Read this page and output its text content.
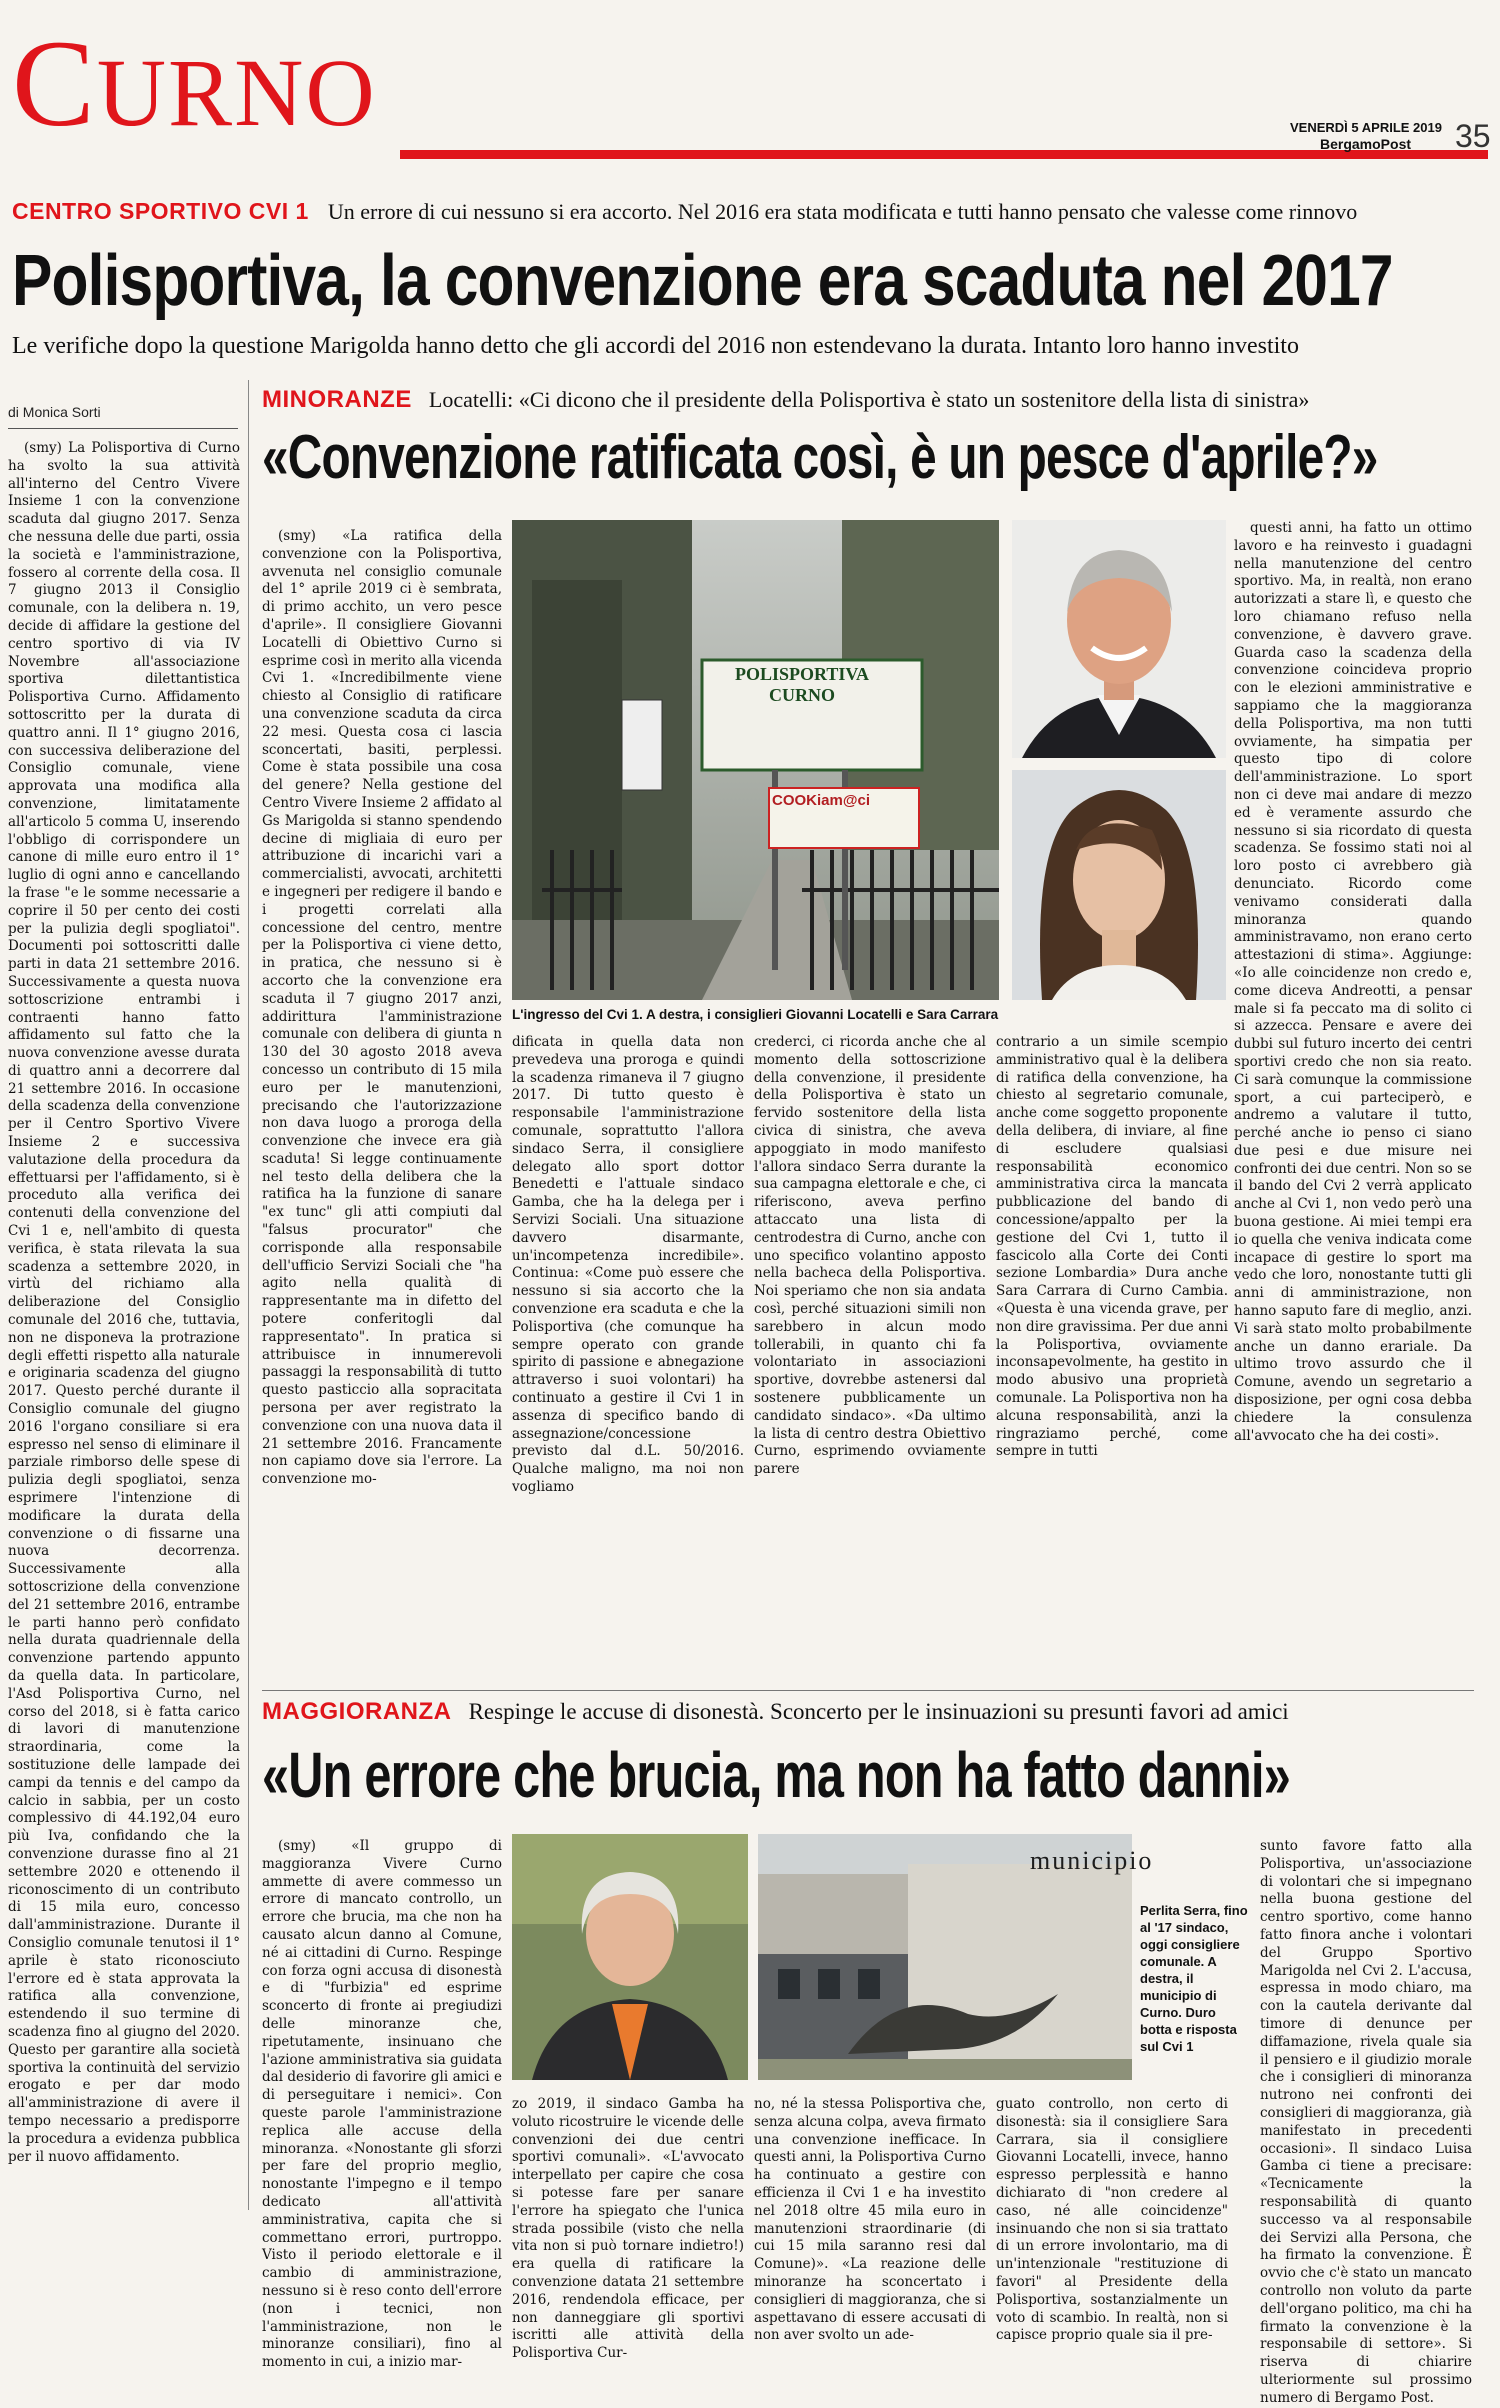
CURNO	VENERDÌ 5 APRILE 2019
BergamoPost 35
CENTRO SPORTIVO CVI 1 Un errore di cui nessuno si era accorto. Nel 2016 era stata modificata e tutti hanno pensato che valesse come rinnovo
Polisportiva, la convenzione era scaduta nel 2017
Le verifiche dopo la questione Marigolda hanno detto che gli accordi del 2016 non estendevano la durata. Intanto loro hanno investito
di Monica Sorti

(smy) La Polisportiva di Curno ha svolto la sua attività all'interno del Centro Vivere Insieme 1 con la convenzione scaduta dal giugno 2017. Senza che nessuna delle due parti, ossia la società e l'amministrazione, fossero al corrente della cosa. Il 7 giugno 2013 il Consiglio comunale, con la delibera n. 19, decide di affidare la gestione del centro sportivo di via IV Novembre all'associazione sportiva dilettantistica Polisportiva Curno. Affidamento sottoscritto per la durata di quattro anni. Il 1° giugno 2016, con successiva deliberazione del Consiglio comunale, viene approvata una modifica alla convenzione, limitatamente all'articolo 5 comma U, inserendo l'obbligo di corrispondere un canone di mille euro entro il 1° luglio di ogni anno e cancellando la frase "e le somme necessarie a coprire il 50 per cento dei costi per la pulizia degli spogliatoi". Documenti poi sottoscritti dalle parti in data 21 settembre 2016. Successivamente a questa nuova sottoscrizione entrambi i contraenti hanno fatto affidamento sul fatto che la nuova convenzione avesse durata di quattro anni a decorrere dal 21 settembre 2016. In occasione della scadenza della convenzione per il Centro Sportivo Vivere Insieme 2 e successiva valutazione della procedura da effettuarsi per l'affidamento, si è proceduto alla verifica dei contenuti della convenzione del Cvi 1 e, nell'ambito di questa verifica, è stata rilevata la sua scadenza a settembre 2020, in virtù del richiamo alla deliberazione del Consiglio comunale del 2016 che, tuttavia, non ne disponeva la protrazione degli effetti rispetto alla naturale e originaria scadenza del giugno 2017. Questo perché durante il Consiglio comunale del giugno 2016 l'organo consiliare si era espresso nel senso di eliminare il parziale rimborso delle spese di pulizia degli spogliatoi, senza esprimere l'intenzione di modificare la durata della convenzione o di fissarne una nuova decorrenza. Successivamente alla sottoscrizione della convenzione del 21 settembre 2016, entrambe le parti hanno però confidato nella durata quadriennale della convenzione partendo appunto da quella data. In particolare, l'Asd Polisportiva Curno, nel corso del 2018, si è fatta carico di lavori di manutenzione straordinaria, come la sostituzione delle lampade dei campi da tennis e del campo da calcio in sabbia, per un costo complessivo di 44.192,04 euro più Iva, confidando che la convenzione durasse fino al 21 settembre 2020 e ottenendo il riconoscimento di un contributo di 15 mila euro, concesso dall'amministrazione. Durante il Consiglio comunale tenutosi il 1° aprile è stato riconosciuto l'errore ed è stata approvata la ratifica alla convenzione, estendendo il suo termine di scadenza fino al giugno del 2020. Questo per garantire alla società sportiva la continuità del servizio erogato e per dar modo all'amministrazione di avere il tempo necessario a predisporre la procedura a evidenza pubblica per il nuovo affidamento.

MINORANZE Locatelli: «Ci dicono che il presidente della Polisportiva è stato un sostenitore della lista di sinistra»
«Convenzione ratificata così, è un pesce d'aprile?»

(smy) «La ratifica della convenzione con la Polisportiva, avvenuta nel consiglio comunale del 1° aprile 2019 ci è sembrata, di primo acchito, un vero pesce d'aprile». Il consigliere Giovanni Locatelli di Obiettivo Curno si esprime così in merito alla vicenda Cvi 1. «Incredibilmente viene chiesto al Consiglio di ratificare una convenzione scaduta da circa 22 mesi. Questa cosa ci lascia sconcertati, basiti, perplessi. Come è stata possibile una cosa del genere? Nella gestione del Centro Vivere Insieme 2 affidato al Gs Marigolda si stanno spendendo decine di migliaia di euro per attribuzione di incarichi vari a commercialisti, avvocati, architetti e ingegneri per redigere il bando e i progetti correlati alla concessione del centro, mentre per la Polisportiva ci viene detto, in pratica, che nessuno si è accorto che la convenzione era scaduta il 7 giugno 2017 anzi, addirittura l'amministrazione comunale con delibera di giunta n 130 del 30 agosto 2018 aveva concesso un contributo di 15 mila euro per le manutenzioni, precisando che l'autorizzazione non dava luogo a proroga della convenzione che invece era già scaduta! Si legge continuamente nel testo della delibera che la ratifica ha la funzione di sanare "ex tunc" gli atti compiuti dal "falsus procurator" che corrisponde alla responsabile dell'ufficio Servizi Sociali che "ha agito nella qualità di rappresentante ma in difetto del potere conferitogli dal rappresentato". In pratica si attribuisce in innumerevoli passaggi la responsabilità di tutto questo pasticcio alla sopracitata persona per aver registrato la convenzione con una nuova data il 21 settembre 2016. Francamente non capiamo dove sia l'errore. La convenzione mo-

POLISPORTIVA CURNO
COOKiam@ci
L'ingresso del Cvi 1. A destra, i consiglieri Giovanni Locatelli e Sara Carrara

questi anni, ha fatto un ottimo lavoro e ha reinvesto i guadagni nella manutenzione del centro sportivo. Ma, in realtà, non erano autorizzati a stare lì, e questo che loro chiamano refuso nella convenzione, è davvero grave. Guarda caso la scadenza della convenzione coincideva proprio con le elezioni amministrative e sappiamo che la maggioranza della Polisportiva, ma non tutti ovviamente, ha simpatia per questo tipo di colore dell'amministrazione. Lo sport non ci deve mai andare di mezzo ed è veramente assurdo che nessuno si sia ricordato di questa scadenza. Se fossimo stati noi al loro posto ci avrebbero già denunciato. Ricordo come venivamo considerati dalla minoranza quando amministravamo, non erano certo attestazioni di stima». Aggiunge: «Io alle coincidenze non credo e, come diceva Andreotti, a pensar male si fa peccato ma di solito ci si azzecca. Pensare e avere dei dubbi sul futuro incerto dei centri sportivi credo che non sia reato. Ci sarà comunque la commissione sport, a cui parteciperò, e andremo a valutare il tutto, perché anche io penso ci siano due pesi e due misure nei confronti dei due centri. Non so se il bando del Cvi 2 verrà applicato anche al Cvi 1, non vedo però una buona gestione. Ai miei tempi era io quella che veniva indicata come incapace di gestire lo sport ma vedo che loro, nonostante tutti gli anni di amministrazione, non hanno saputo fare di meglio, anzi. Vi sarà stato molto probabilmente anche un danno erariale. Da ultimo trovo assurdo che il Comune, avendo un segretario a disposizione, per ogni cosa debba chiedere la consulenza all'avvocato che ha dei costi».

dificata in quella data non prevedeva una proroga e quindi la scadenza rimaneva il 7 giugno 2017. Di tutto questo è responsabile l'amministrazione comunale, soprattutto l'allora sindaco Serra, il consigliere delegato allo sport dottor Benedetti e l'attuale sindaco Gamba, che ha la delega per i Servizi Sociali. Una situazione davvero disarmante, un'incompetenza incredibile». Continua: «Come può essere che nessuno si sia accorto che la convenzione era scaduta e che la Polisportiva (che comunque ha sempre operato con grande spirito di passione e abnegazione attraverso i suoi volontari) ha continuato a gestire il Cvi 1 in assenza di specifico bando di assegnazione/concessione previsto dal d.L. 50/2016. Qualche maligno, ma noi non vogliamo

crederci, ci ricorda anche che al momento della sottoscrizione della convenzione, il presidente della Polisportiva è stato un fervido sostenitore della lista civica di sinistra, che aveva appoggiato in modo manifesto l'allora sindaco Serra durante la sua campagna elettorale e che, ci riferiscono, aveva perfino attaccato una lista di centrodestra di Curno, anche con uno specifico volantino apposto nella bacheca della Polisportiva. Noi speriamo che non sia andata così, perché situazioni simili non sarebbero in alcun modo tollerabili, in quanto chi fa volontariato in associazioni sportive, dovrebbe astenersi dal sostenere pubblicamente un candidato sindaco». «Da ultimo la lista di centro destra Obiettivo Curno, esprimendo ovviamente parere

contrario a un simile scempio amministrativo qual è la delibera di ratifica della convenzione, ha chiesto al segretario comunale, anche come soggetto proponente della delibera, di inviare, al fine di escludere qualsiasi responsabilità economico amministrativa circa la mancata pubblicazione del bando di concessione/appalto per la gestione del Cvi 1, tutto il fascicolo alla Corte dei Conti sezione Lombardia» Dura anche Sara Carrara di Curno Cambia. «Questa è una vicenda grave, per non dire gravissima. Per due anni la Polisportiva, ovviamente inconsapevolmente, ha gestito in modo abusivo una proprietà comunale. La Polisportiva non ha alcuna responsabilità, anzi la ringraziamo perché, come sempre in tutti

MAGGIORANZA Respinge le accuse di disonestà. Sconcerto per le insinuazioni su presunti favori ad amici
«Un errore che brucia, ma non ha fatto danni»

(smy) «Il gruppo di maggioranza Vivere Curno ammette di avere commesso un errore di mancato controllo, un errore che brucia, ma che non ha causato alcun danno al Comune, né ai cittadini di Curno. Respinge con forza ogni accusa di disonestà e di "furbizia" ed esprime sconcerto di fronte ai pregiudizi delle minoranze che, ripetutamente, insinuano che l'azione amministrativa sia guidata dal desiderio di favorire gli amici e di perseguitare i nemici». Con queste parole l'amministrazione replica alle accuse della minoranza. «Nonostante gli sforzi per fare del proprio meglio, nonostante l'impegno e il tempo dedicato all'attività amministrativa, capita che si commettano errori, purtroppo. Visto il periodo elettorale e il cambio di amministrazione, nessuno si è reso conto dell'errore (non i tecnici, non l'amministrazione, non le minoranze consiliari), fino al momento in cui, a inizio mar-

municipio
Perlita Serra, fino al '17 sindaco, oggi consigliere comunale. A destra, il municipio di Curno. Duro botta e risposta sul Cvi 1

zo 2019, il sindaco Gamba ha voluto ricostruire le vicende delle convenzioni dei due centri sportivi comunali». «L'avvocato interpellato per capire che cosa si potesse fare per sanare l'errore ha spiegato che l'unica strada possibile (visto che nella vita non si può tornare indietro!) era quella di ratificare la convenzione datata 21 settembre 2016, rendendola efficace, per non danneggiare gli sportivi iscritti alle attività della Polisportiva Cur-

no, né la stessa Polisportiva che, senza alcuna colpa, aveva firmato una convenzione inefficace. In questi anni, la Polisportiva Curno ha continuato a gestire con efficienza il Cvi 1 e ha investito nel 2018 oltre 45 mila euro in manutenzioni straordinarie (di cui 15 mila saranno resi dal Comune)». «La reazione delle minoranze ha sconcertato i consiglieri di maggioranza, che si aspettavano di essere accusati di non aver svolto un ade-

guato controllo, non certo di disonestà: sia il consigliere Sara Carrara, sia il consigliere Giovanni Locatelli, invece, hanno espresso perplessità e hanno dichiarato di "non credere al caso, né alle coincidenze" insinuando che non si sia trattato di un errore involontario, ma di un'intenzionale "restituzione di favori" al Presidente della Polisportiva, sostanzialmente un voto di scambio. In realtà, non si capisce proprio quale sia il pre-

sunto favore fatto alla Polisportiva, un'associazione di volontari che si impegnano nella buona gestione del centro sportivo, come hanno fatto finora anche i volontari del Gruppo Sportivo Marigolda nel Cvi 2. L'accusa, espressa in modo chiaro, ma con la cautela derivante dal timore di denunce per diffamazione, rivela quale sia il pensiero e il giudizio morale che i consiglieri di minoranza nutrono nei confronti dei consiglieri di maggioranza, già manifestato in precedenti occasioni». Il sindaco Luisa Gamba ci tiene a precisare: «Tecnicamente la responsabilità di quanto successo va al responsabile dei Servizi alla Persona, che ha firmato la convenzione. È ovvio che c'è stato un mancato controllo non voluto da parte dell'organo politico, ma chi ha firmato la convenzione è la responsabile di settore». Si riserva di chiarire ulteriormente sul prossimo numero di Bergamo Post.
